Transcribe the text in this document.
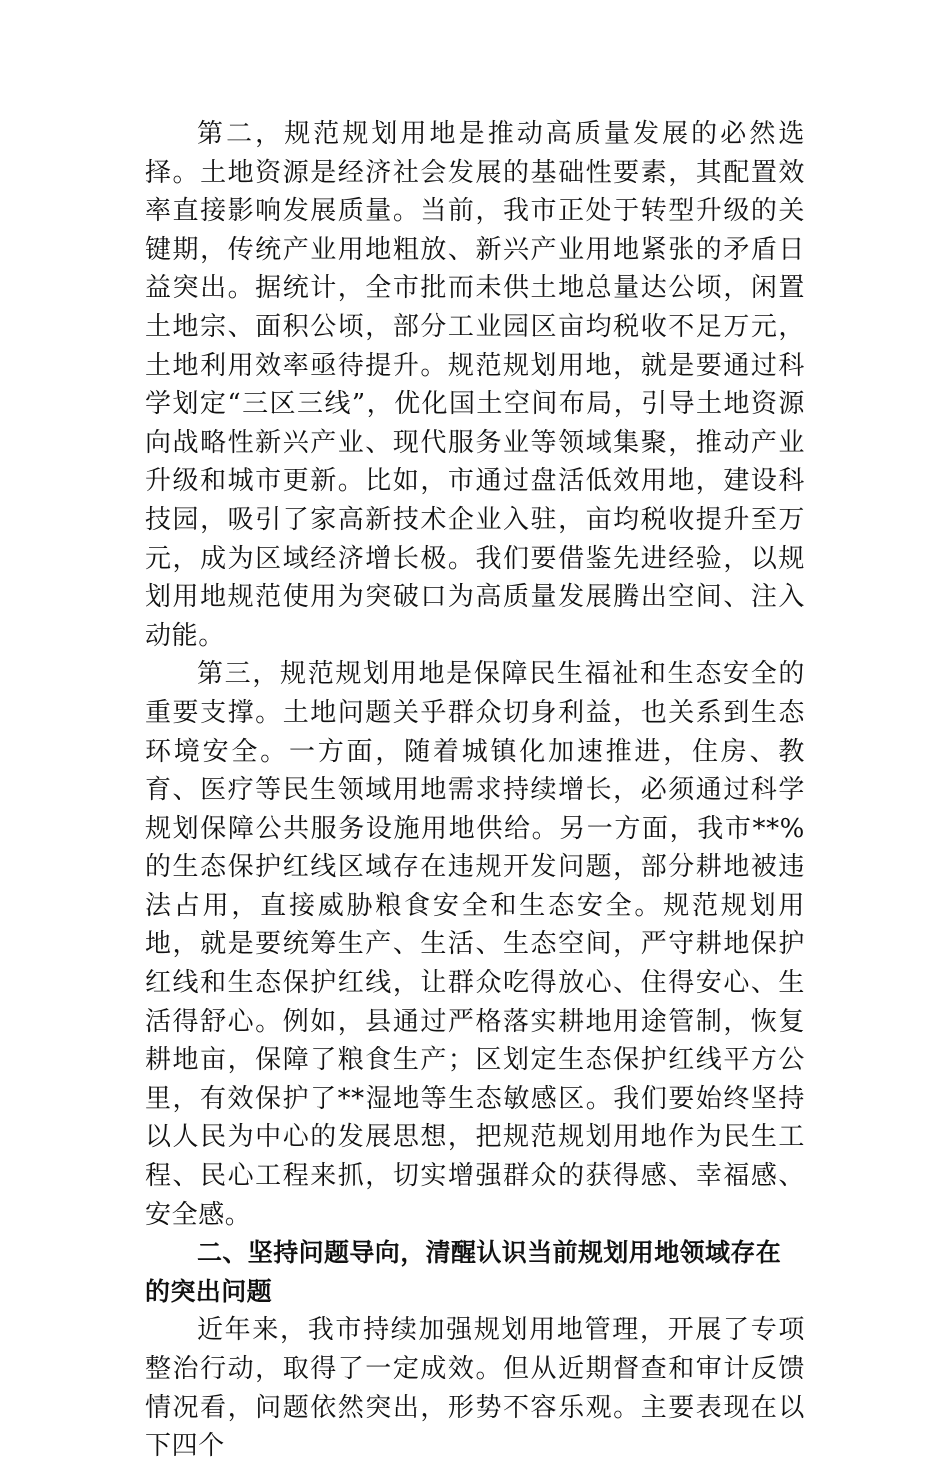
第二，规范规划用地是推动高质量发展的必然选择。土地资源是经济社会发展的基础性要素，其配置效率直接影响发展质量。当前，我市正处于转型升级的关键期，传统产业用地粗放、新兴产业用地紧张的矛盾日益突出。据统计，全市批而未供土地总量达公顷，闲置土地宗、面积公顷，部分工业园区亩均税收不足万元，土地利用效率亟待提升。规范规划用地，就是要通过科学划定“三区三线”，优化国土空间布局，引导土地资源向战略性新兴产业、现代服务业等领域集聚，推动产业升级和城市更新。比如，市通过盘活低效用地，建设科技园，吸引了家高新技术企业入驻，亩均税收提升至万元，成为区域经济增长极。我们要借鉴先进经验，以规划用地规范使用为突破口为高质量发展腾出空间、注入动能。

第三，规范规划用地是保障民生福祉和生态安全的重要支撑。土地问题关乎群众切身利益，也关系到生态环境安全。一方面，随着城镇化加速推进，住房、教育、医疗等民生领域用地需求持续增长，必须通过科学规划保障公共服务设施用地供给。另一方面，我市**%的生态保护红线区域存在违规开发问题，部分耕地被违法占用，直接威胁粮食安全和生态安全。规范规划用地，就是要统筹生产、生活、生态空间，严守耕地保护红线和生态保护红线，让群众吃得放心、住得安心、生活得舒心。例如，县通过严格落实耕地用途管制，恢复耕地亩，保障了粮食生产；区划定生态保护红线平方公里，有效保护了**湿地等生态敏感区。我们要始终坚持以人民为中心的发展思想，把规范规划用地作为民生工程、民心工程来抓，切实增强群众的获得感、幸福感、安全感。

二、坚持问题导向，清醒认识当前规划用地领域存在的突出问题

近年来，我市持续加强规划用地管理，开展了专项整治行动，取得了一定成效。但从近期督查和审计反馈情况看，问题依然突出，形势不容乐观。主要表现在以下四个
